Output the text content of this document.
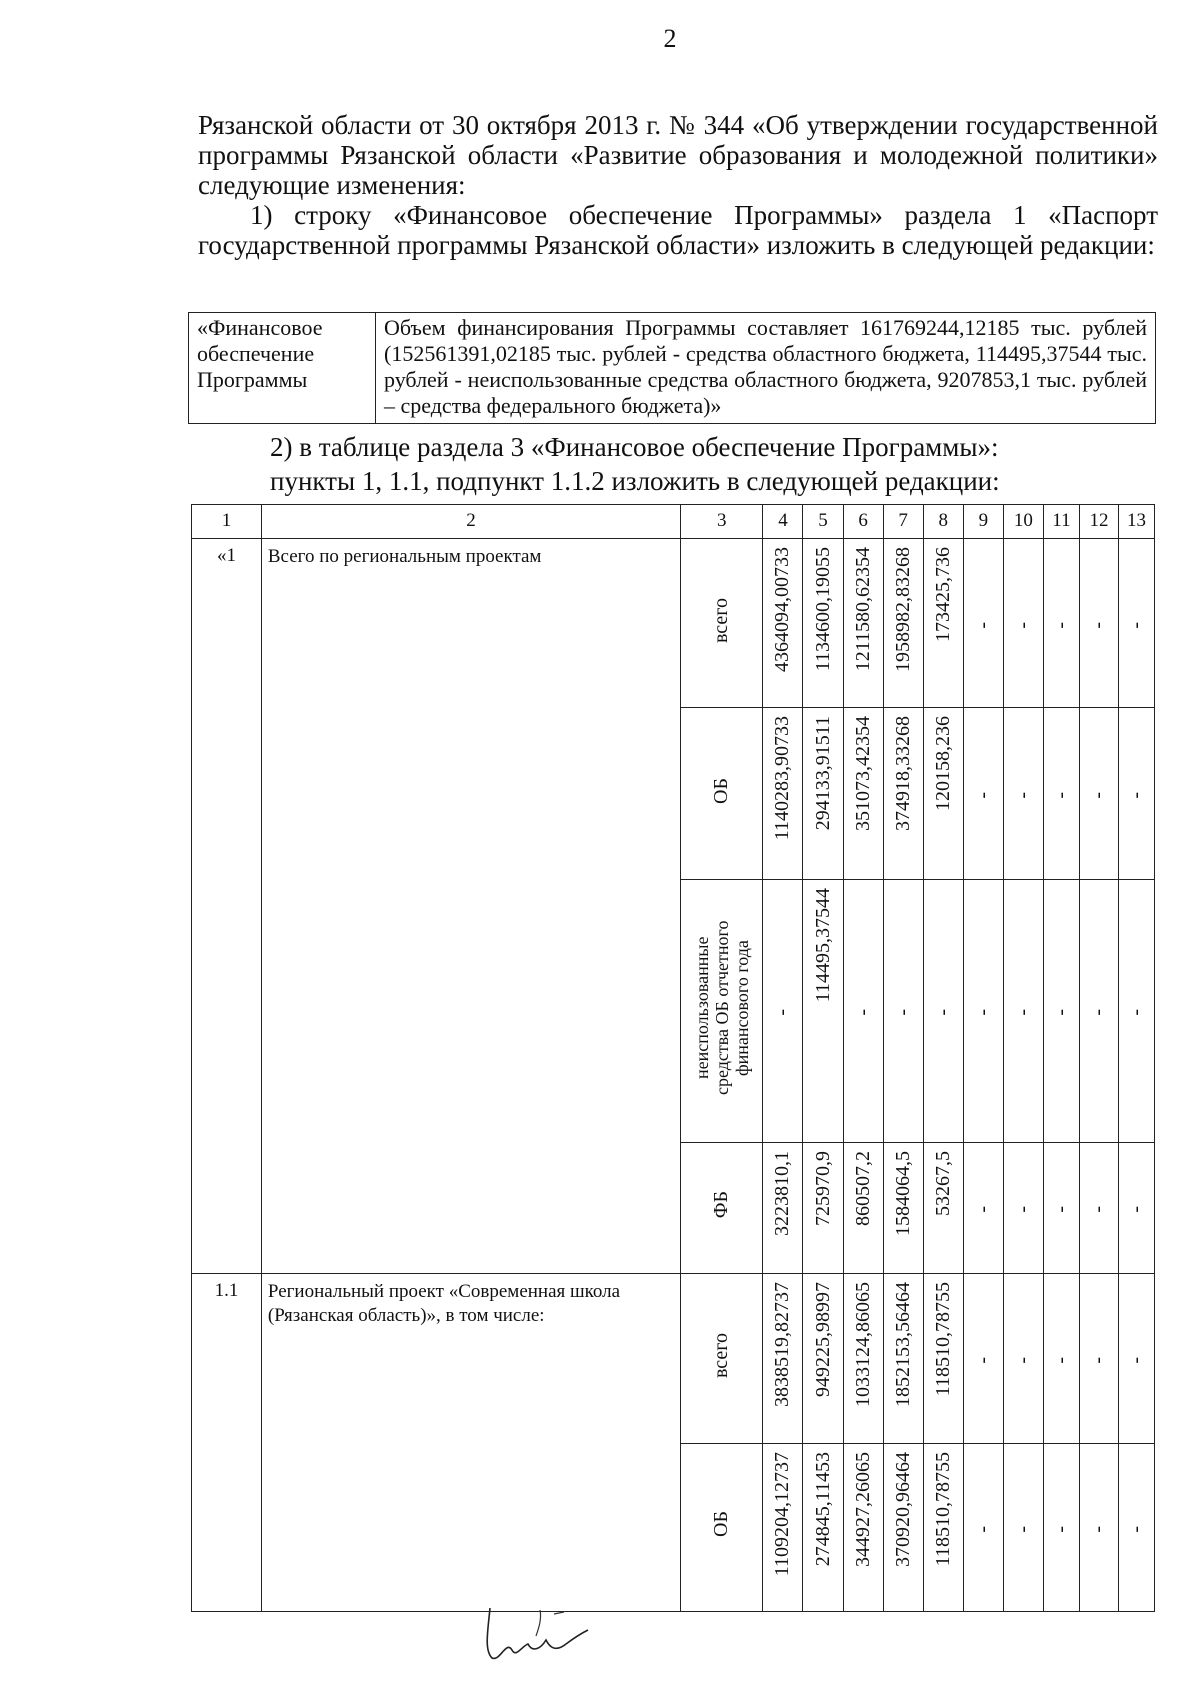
2

Рязанской области от 30 октября 2013 г. № 344 «Об утверждении государственной программы Рязанской области «Развитие образования и молодежной политики» следующие изменения:

1) строку «Финансовое обеспечение Программы» раздела 1 «Паспорт государственной программы Рязанской области» изложить в следующей редакции:

«Финансовое обеспечение Программы	Объем финансирования Программы составляет 161769244,12185 тыс. рублей (152561391,02185 тыс. рублей - средства областного бюджета, 114495,37544 тыс. рублей - неиспользованные средства областного бюджета, 9207853,1 тыс. рублей – средства федерального бюджета)»
2) в таблице раздела 3 «Финансовое обеспечение Программы»:
пункты 1, 1.1, подпункт 1.1.2 изложить в следующей редакции:
1	2	3	4	5	6	7	8	9	10	11	12	13
«1	Всего по региональным проектам	всего	4364094,00733	1134600,19055	1211580,62354	1958982,83268	173425,736	-	-	-	-	-
		ОБ	1140283,90733	294133,91511	351073,42354	374918,33268	120158,236	-	-	-	-	-
		неиспользованные средства ОБ отчетного финансового года	-	114495,37544	-	-	-	-	-	-	-	-
		ФБ	3223810,1	725970,9	860507,2	1584064,5	53267,5	-	-	-	-	-
1.1	Региональный проект «Современная школа (Рязанская область)», в том числе:	всего	3838519,82737	949225,98997	1033124,86065	1852153,56464	118510,78755	-	-	-	-	-
		ОБ	1109204,12737	274845,11453	344927,26065	370920,96464	118510,78755	-	-	-	-	-
